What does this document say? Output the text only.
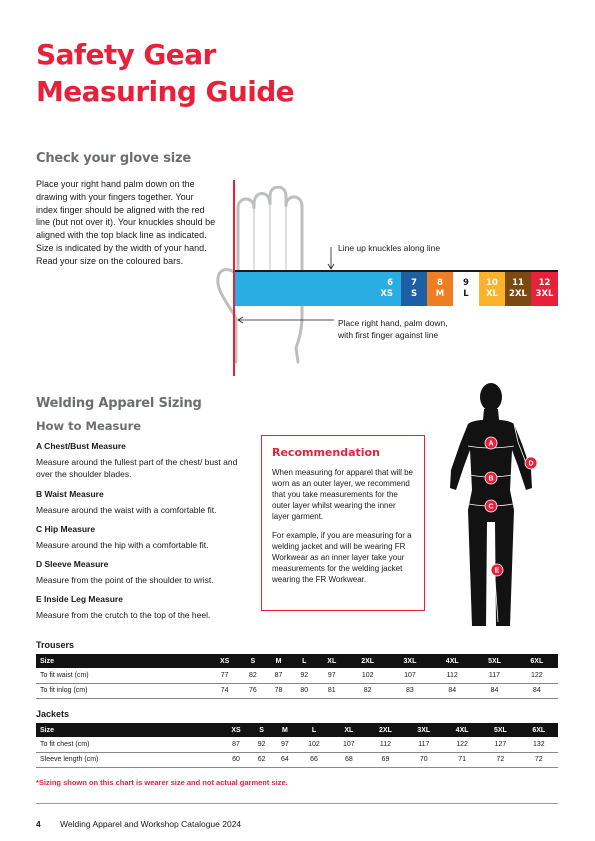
Safety Gear
Measuring Guide
Check your glove size
Place your right hand palm down on the drawing with your fingers together. Your index finger should be aligned with the red line (but not over it). Your knuckles should be aligned with the top black line as indicated. Size is indicated by the width of your hand. Read your size on the coloured bars.
6
XS
7
S
8
M
9
L
10
XL
11
2XL
12
3XL
Line up knuckles along line
Place right hand, palm down,
with first finger against line
Welding Apparel Sizing
How to Measure
A Chest/Bust Measure
Measure around the fullest part of the chest/ bust and over the shoulder blades.
B Waist Measure
Measure around the waist with a comfortable fit.
C Hip Measure
Measure around the hip with a comfortable fit.
D Sleeve Measure
Measure from the point of the shoulder to wrist.
E Inside Leg Measure
Measure from the crutch to the top of the heel.
Recommendation

When measuring for apparel that will be worn as an outer layer, we recommend that you take measurements for the outer layer whilst wearing the inner layer garment.

For example, if you are measuring for a welding jacket and will be wearing FR Workwear as an inner layer take your measurements for the welding jacket wearing the FR Workwear.

A
B
C
D
E
Trousers
Size	XS	S	M	L	XL	2XL	3XL	4XL	5XL	6XL
To fit waist (cm)	77	82	87	92	97	102	107	112	117	122
To fit inlog (cm)	74	76	78	80	81	82	83	84	84	84
Jackets
Size	XS	S	M	L	XL	2XL	3XL	4XL	5XL	6XL
To fit chest (cm)	87	92	97	102	107	112	117	122	127	132
Sleeve length (cm)	60	62	64	66	68	69	70	71	72	72
*Sizing shown on this chart is wearer size and not actual garment size.
4 Welding Apparel and Workshop Catalogue 2024
